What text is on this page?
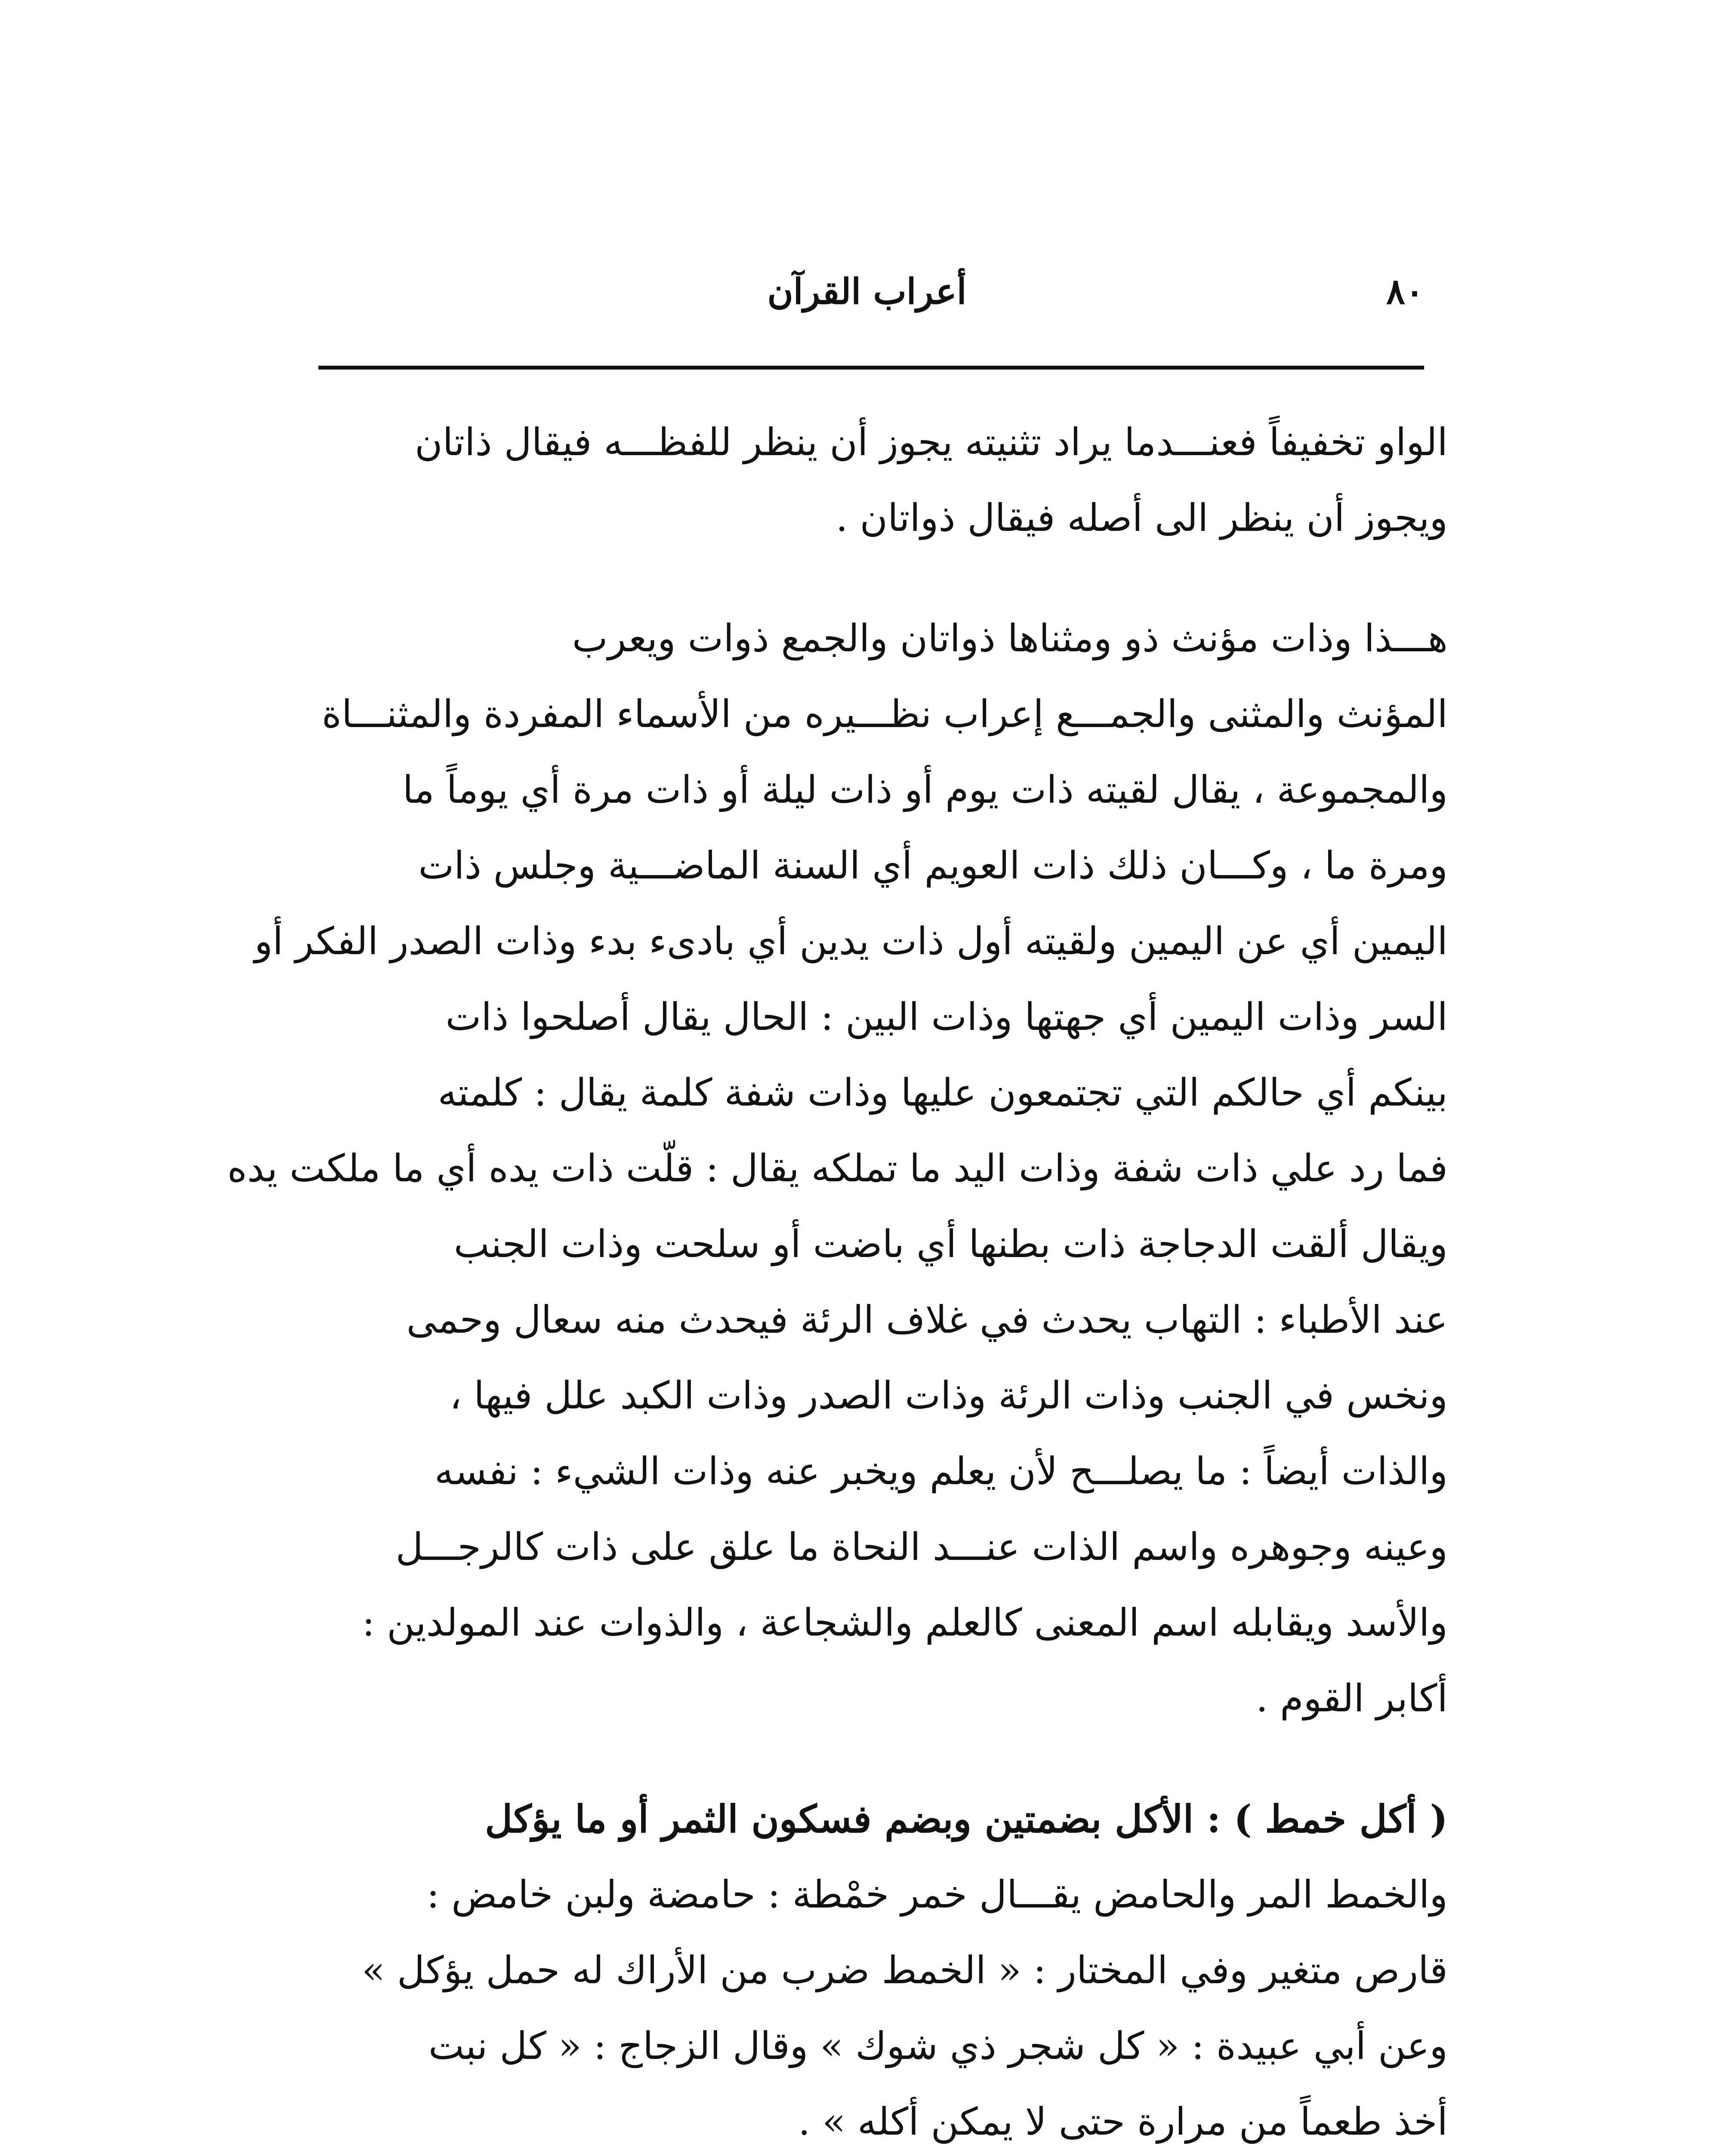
٨٠
أعراب القرآن

الواو تخفيفاً فعنـــدما يراد تثنيته يجوز أن ينظر للفظـــه فيقال ذاتان
ويجوز أن ينظر الى أصله فيقال ذواتان .

هـــذا وذات مؤنث ذو ومثناها ذواتان والجمع ذوات ويعرب
المؤنث والمثنى والجمـــع إعراب نظـــيره من الأسماء المفردة والمثنـــاة
والمجموعة ، يقال لقيته ذات يوم أو ذات ليلة أو ذات مرة أي يوماً ما
ومرة ما ، وكـــان ذلك ذات العويم أي السنة الماضـــية وجلس ذات
اليمين أي عن اليمين ولقيته أول ذات يدين أي بادىء بدء وذات الصدر الفكر أو
السر وذات اليمين أي جهتها وذات البين : الحال يقال أصلحوا ذات
بينكم أي حالكم التي تجتمعون عليها وذات شفة كلمة يقال : كلمته
فما رد علي ذات شفة وذات اليد ما تملكه يقال : قلّت ذات يده أي ما ملكت يده
ويقال ألقت الدجاجة ذات بطنها أي باضت أو سلحت وذات الجنب
عند الأطباء : التهاب يحدث في غلاف الرئة فيحدث منه سعال وحمى
ونخس في الجنب وذات الرئة وذات الصدر وذات الكبد علل فيها ،
والذات أيضاً : ما يصلـــح لأن يعلم ويخبر عنه وذات الشيء : نفسه
وعينه وجوهره واسم الذات عنـــد النحاة ما علق على ذات كالرجـــل
والأسد ويقابله اسم المعنى كالعلم والشجاعة ، والذوات عند المولدين :
أكابر القوم .

( أكل خمط ) : الأكل بضمتين وبضم فسكون الثمر أو ما يؤكل
والخمط المر والحامض يقـــال خمر خمْطة : حامضة ولبن خامض :
قارص متغير وفي المختار : « الخمط ضرب من الأراك له حمل يؤكل »
وعن أبي عبيدة : « كل شجر ذي شوك » وقال الزجاج : « كل نبت
أخذ طعماً من مرارة حتى لا يمكن أكله » .
